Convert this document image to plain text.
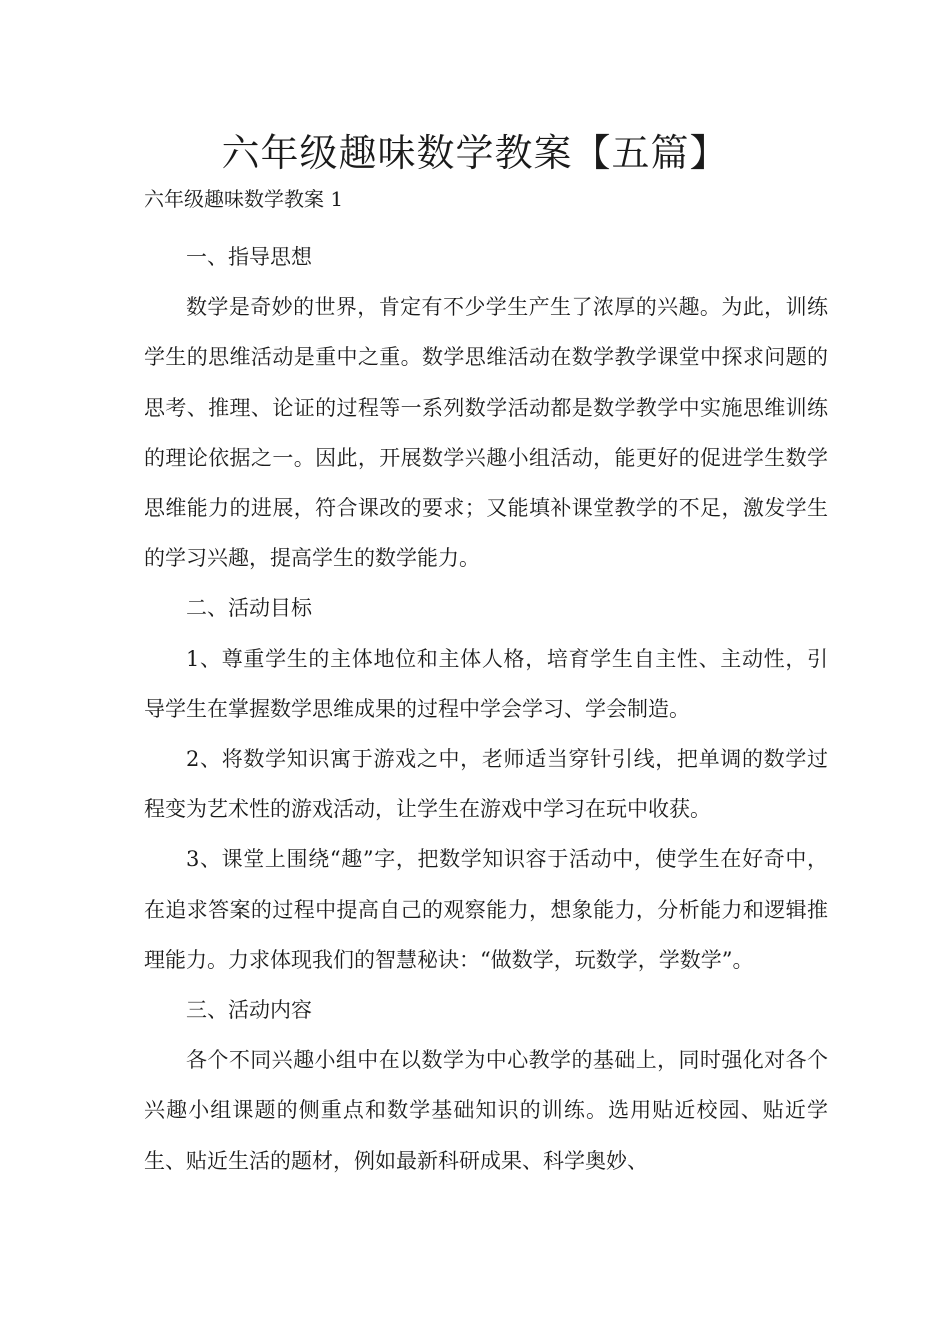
六年级趣味数学教案【五篇】
六年级趣味数学教案 1

一、指导思想

数学是奇妙的世界，肯定有不少学生产生了浓厚的兴趣。为此，训练学生的思维活动是重中之重。数学思维活动在数学教学课堂中探求问题的思考、推理、论证的过程等一系列数学活动都是数学教学中实施思维训练的理论依据之一。因此，开展数学兴趣小组活动，能更好的促进学生数学思维能力的进展，符合课改的要求；又能填补课堂教学的不足，激发学生的学习兴趣，提高学生的数学能力。

二、活动目标

1、尊重学生的主体地位和主体人格，培育学生自主性、主动性，引导学生在掌握数学思维成果的过程中学会学习、学会制造。

2、将数学知识寓于游戏之中，老师适当穿针引线，把单调的数学过程变为艺术性的游戏活动，让学生在游戏中学习在玩中收获。

3、课堂上围绕“趣”字，把数学知识容于活动中，使学生在好奇中，在追求答案的过程中提高自己的观察能力，想象能力，分析能力和逻辑推理能力。力求体现我们的智慧秘诀：“做数学，玩数学，学数学”。

三、活动内容

各个不同兴趣小组中在以数学为中心教学的基础上，同时强化对各个兴趣小组课题的侧重点和数学基础知识的训练。选用贴近校园、贴近学生、贴近生活的题材，例如最新科研成果、科学奥妙、
